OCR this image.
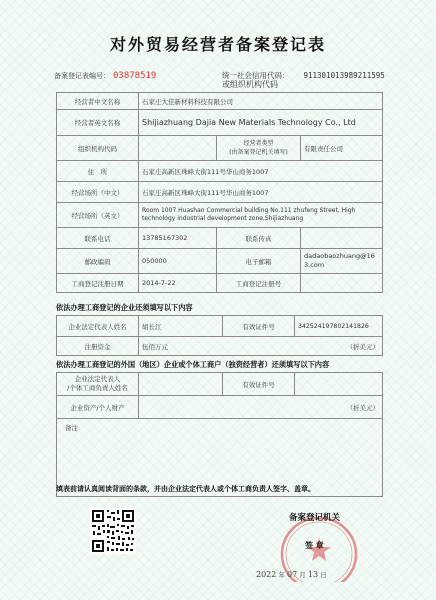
对外贸易经营者备案登记表
备案登记表编号： 03878519	统一社会信用代码： 911301013989211595
或组织机构代码
经营者中文名称	石家庄大佳新材料科技有限公司		
经营者英文名称	Shijiazhuang Dajia New Materials Technology Co., Ltd		
组织机构代码		经营者类型
(由备案登记机关填写)	有限责任公司
住　所	石家庄高新区珠峰大街111号华山商务1007		
经营场所（中文）	石家庄高新区珠峰大街111号华山商务1007		
经营场所（英文）	Room 1007 Huashan Commercial building No.111 zhufeng Street, High technology industrial development zone,Shijiazhuang		
联系电话	13785167302	联系传真	
邮政编码	050000	电子邮箱	dadaobaozhuang@163.com
工商登记注册日期	2014-7-22	工商登记注册号	
依法办理工商登记的企业还须填写以下内容
企业法定代表人姓名	胡长江	有效证件号	342524197802141826
注册资金	伍佰万元 （折美元）		
依法办理工商登记的外国（地区）企业或个体工商户（独资经营者）还须填写以下内容
企业法定代表人
/个体工商负责人姓名		有效证件号	
企业资产/个人财产	（折美元）		

备注			
填表前请认真阅读背面的条款，并由企业法定代表人或个体工商负责人签字、盖章。
备案登记机关
签 章
2022 年 07 月 13 日
